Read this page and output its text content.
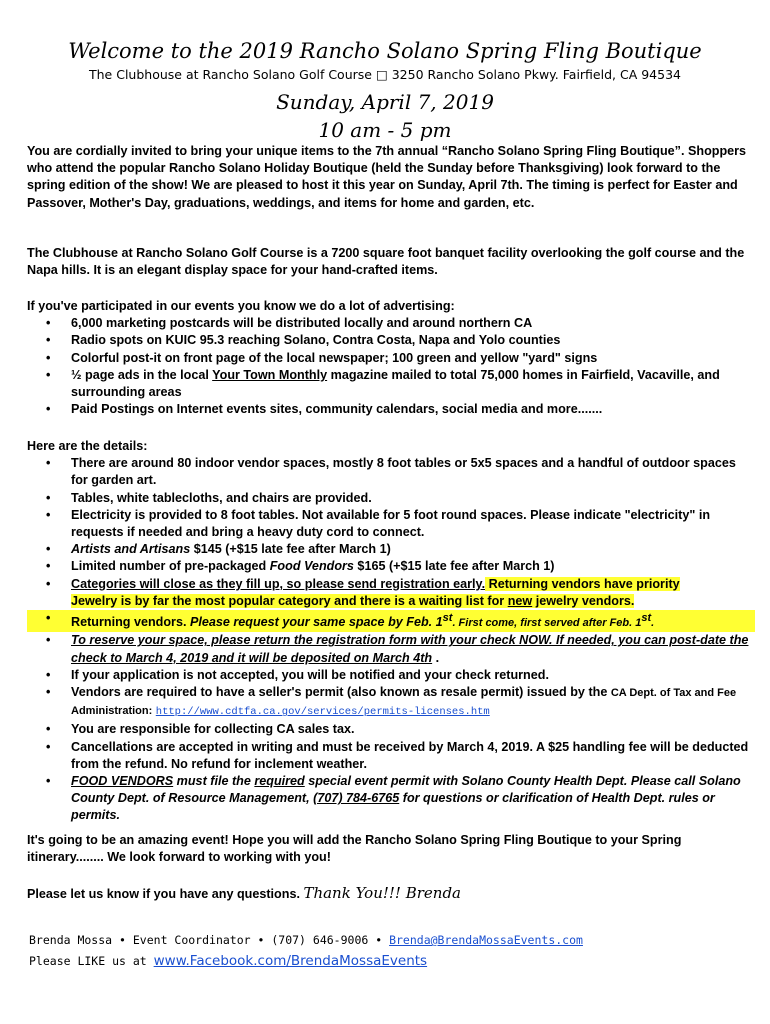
Welcome to the 2019 Rancho Solano Spring Fling Boutique
The Clubhouse at Rancho Solano Golf Course □ 3250 Rancho Solano Pkwy. Fairfield, CA 94534
Sunday, April 7, 2019
10 am - 5 pm
You are cordially invited to bring your unique items to the 7th annual “Rancho Solano Spring Fling Boutique”. Shoppers who attend the popular Rancho Solano Holiday Boutique (held the Sunday before Thanksgiving) look forward to the spring edition of the show! We are pleased to host it this year on Sunday, April 7th. The timing is perfect for Easter and Passover, Mother's Day, graduations, weddings, and items for home and garden, etc.
The Clubhouse at Rancho Solano Golf Course is a 7200 square foot banquet facility overlooking the golf course and the Napa hills. It is an elegant display space for your hand-crafted items.
If you've participated in our events you know we do a lot of advertising:
• 6,000 marketing postcards will be distributed locally and around northern CA
• Radio spots on KUIC 95.3 reaching Solano, Contra Costa, Napa and Yolo counties
• Colorful post-it on front page of the local newspaper; 100 green and yellow "yard" signs
• ½ page ads in the local Your Town Monthly magazine mailed to total 75,000 homes in Fairfield, Vacaville, and surrounding areas
• Paid Postings on Internet events sites, community calendars, social media and more.......
Here are the details:
• There are around 80 indoor vendor spaces, mostly 8 foot tables or 5x5 spaces and a handful of outdoor spaces for garden art.
• Tables, white tablecloths, and chairs are provided.
• Electricity is provided to 8 foot tables. Not available for 5 foot round spaces. Please indicate "electricity" in requests if needed and bring a heavy duty cord to connect.
• Artists and Artisans $145 (+$15 late fee after March 1)
• Limited number of pre-packaged Food Vendors $165 (+$15 late fee after March 1)
• Categories will close as they fill up, so please send registration early. Returning vendors have priority
Jewelry is by far the most popular category and there is a waiting list for new jewelry vendors.
• Returning vendors. Please request your same space by Feb. 1st. First come, first served after Feb. 1st.
• To reserve your space, please return the registration form with your check NOW. If needed, you can post-date the check to March 4, 2019 and it will be deposited on March 4th .
• If your application is not accepted, you will be notified and your check returned.
• Vendors are required to have a seller's permit (also known as resale permit) issued by the CA Dept. of Tax and Fee Administration: http://www.cdtfa.ca.gov/services/permits-licenses.htm
• You are responsible for collecting CA sales tax.
• Cancellations are accepted in writing and must be received by March 4, 2019. A $25 handling fee will be deducted from the refund. No refund for inclement weather.
• FOOD VENDORS must file the required special event permit with Solano County Health Dept. Please call Solano County Dept. of Resource Management, (707) 784-6765 for questions or clarification of Health Dept. rules or permits.
It's going to be an amazing event! Hope you will add the Rancho Solano Spring Fling Boutique to your Spring itinerary........ We look forward to working with you!
Please let us know if you have any questions. Thank You!!! Brenda
Brenda Mossa • Event Coordinator • (707) 646-9006 • Brenda@BrendaMossaEvents.com
Please LIKE us at www.Facebook.com/BrendaMossaEvents
